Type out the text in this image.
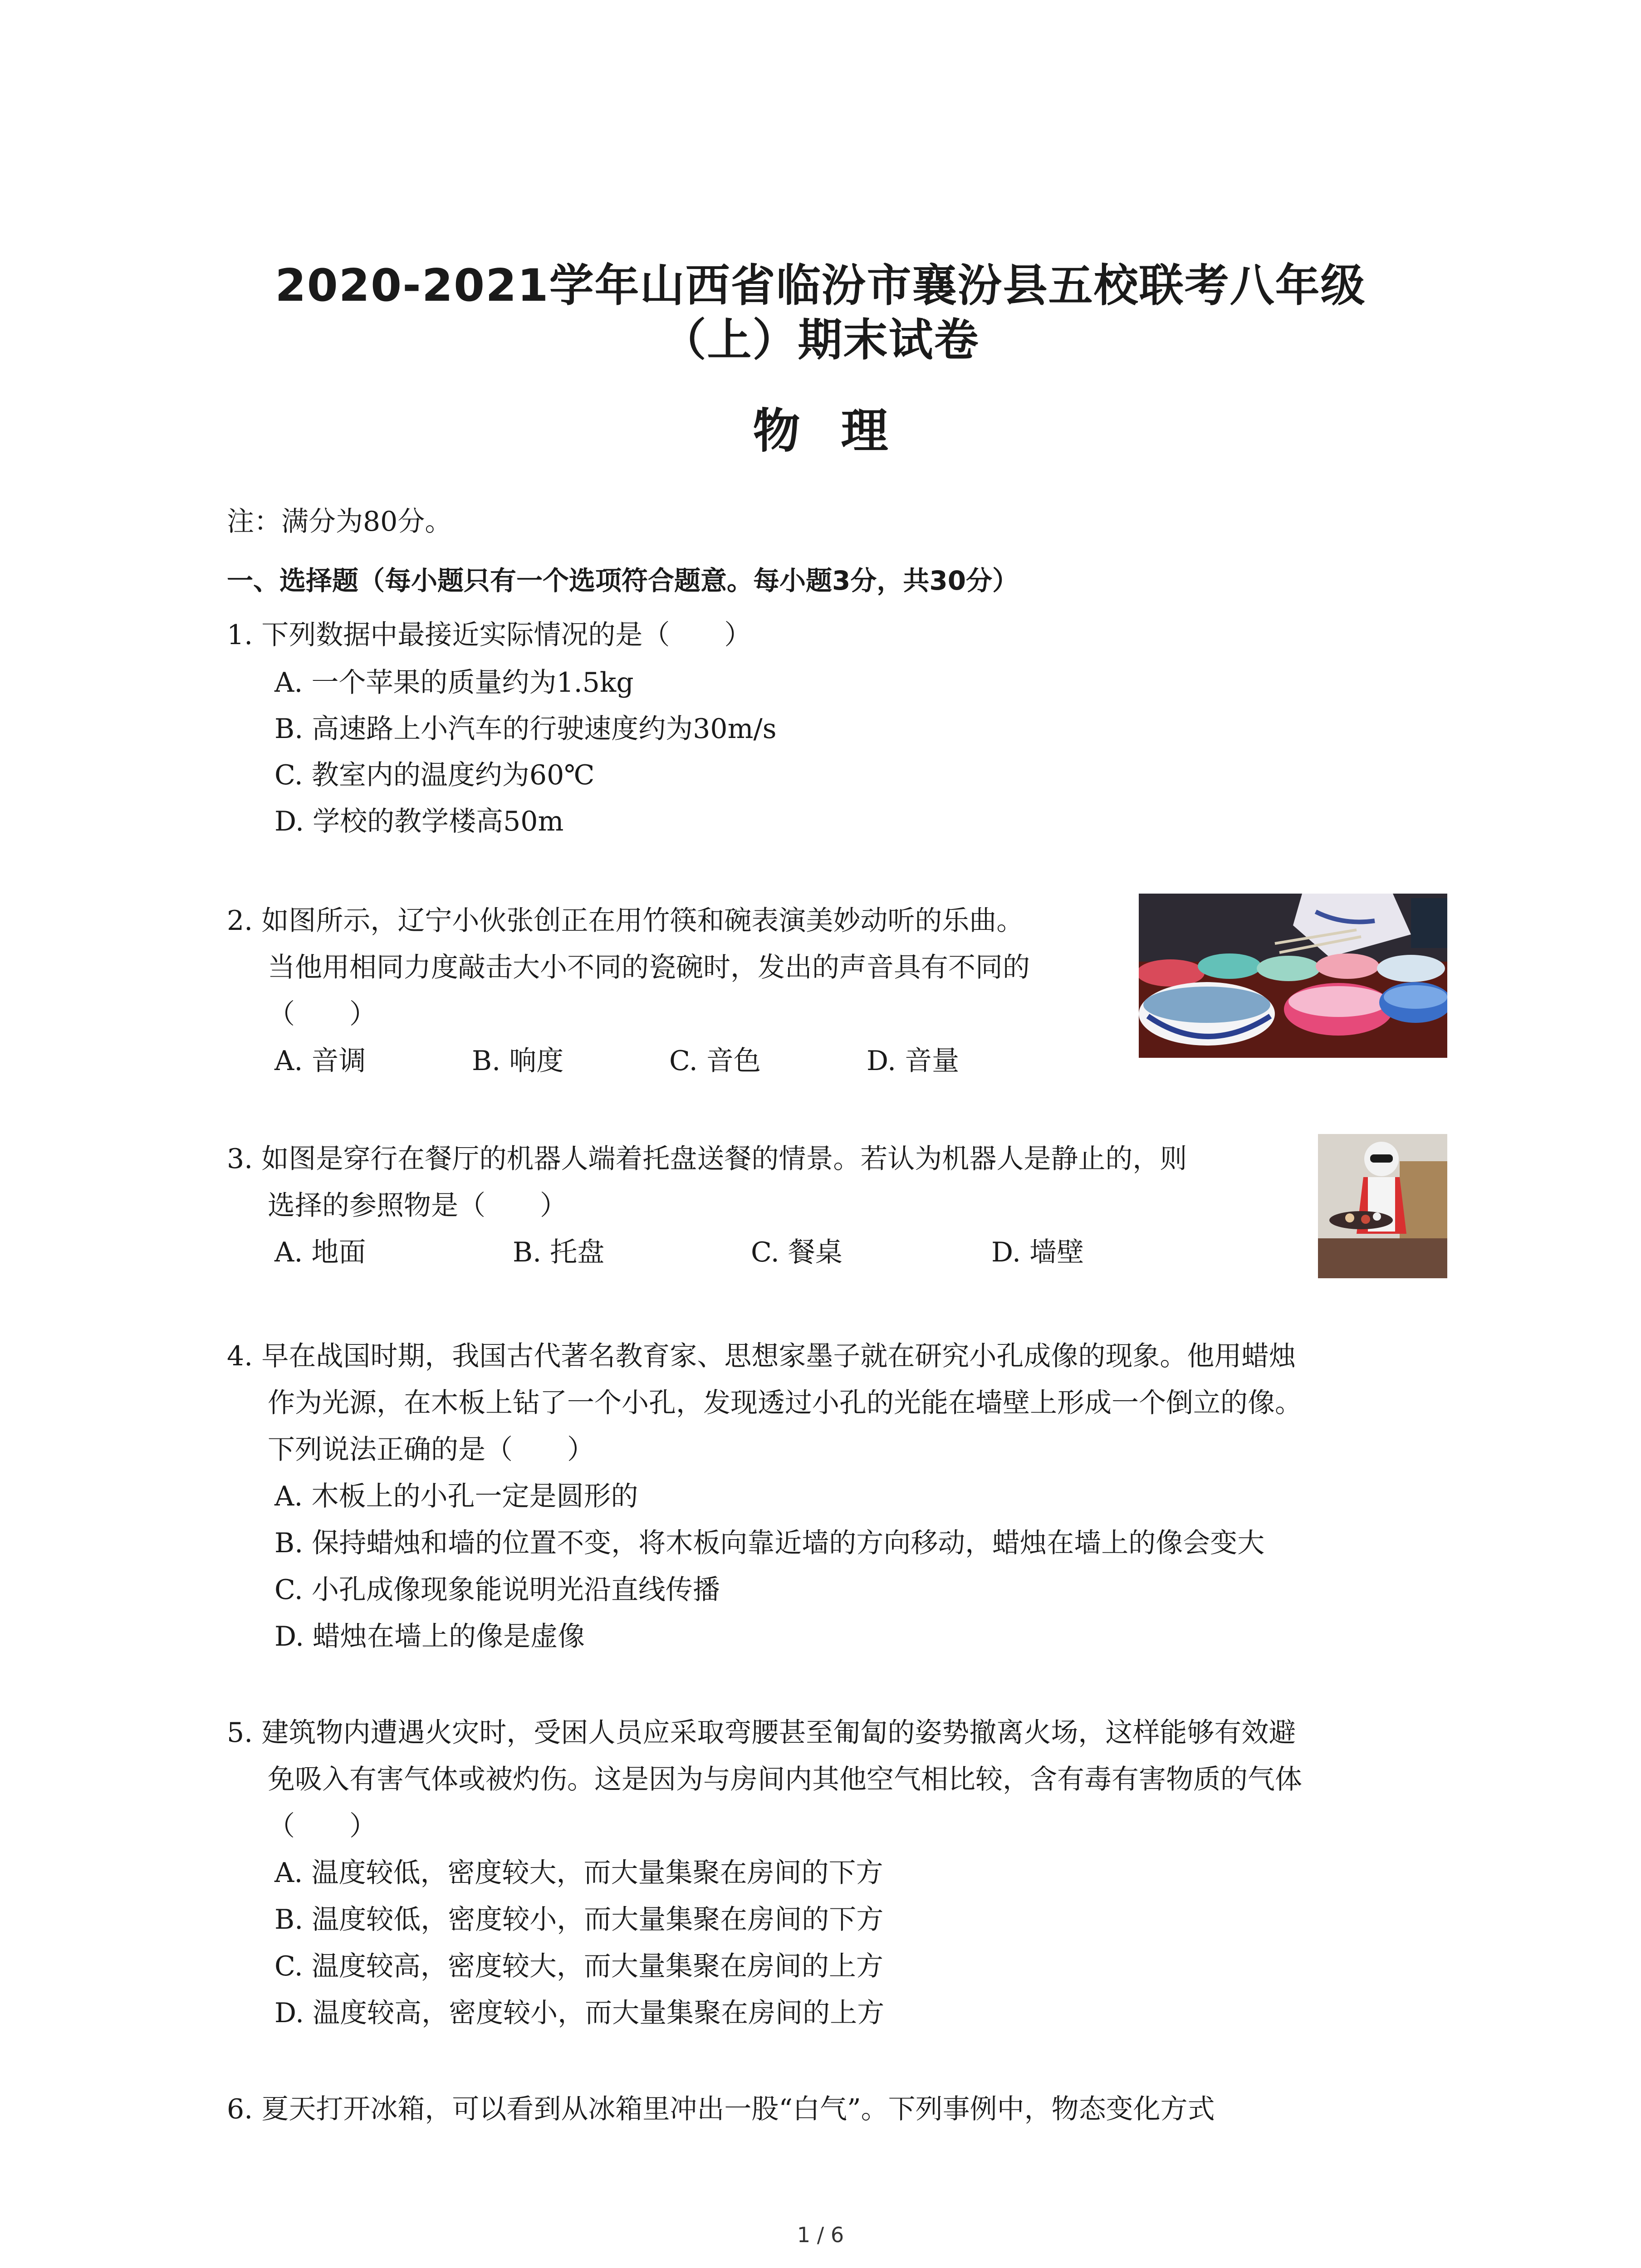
2020-2021学年山西省临汾市襄汾县五校联考八年级
（上）期末试卷
物理
注：满分为80分。
一、选择题（每小题只有一个选项符合题意。每小题3分，共30分）
1. 下列数据中最接近实际情况的是（　　）
A. 一个苹果的质量约为1.5kg
B. 高速路上小汽车的行驶速度约为30m/s
C. 教室内的温度约为60℃
D. 学校的教学楼高50m
2. 如图所示，辽宁小伙张创正在用竹筷和碗表演美妙动听的乐曲。
当他用相同力度敲击大小不同的瓷碗时，发出的声音具有不同的
（　　）
A. 音调	B. 响度	C. 音色	D. 音量
3. 如图是穿行在餐厅的机器人端着托盘送餐的情景。若认为机器人是静止的，则
选择的参照物是（　　）
A. 地面	B. 托盘	C. 餐桌	D. 墙壁
4. 早在战国时期，我国古代著名教育家、思想家墨子就在研究小孔成像的现象。他用蜡烛
作为光源，在木板上钻了一个小孔，发现透过小孔的光能在墙壁上形成一个倒立的像。
下列说法正确的是（　　）
A. 木板上的小孔一定是圆形的
B. 保持蜡烛和墙的位置不变，将木板向靠近墙的方向移动，蜡烛在墙上的像会变大
C. 小孔成像现象能说明光沿直线传播
D. 蜡烛在墙上的像是虚像
5. 建筑物内遭遇火灾时，受困人员应采取弯腰甚至匍匐的姿势撤离火场，这样能够有效避
免吸入有害气体或被灼伤。这是因为与房间内其他空气相比较，含有毒有害物质的气体
（　　）
A. 温度较低，密度较大，而大量集聚在房间的下方
B. 温度较低，密度较小，而大量集聚在房间的下方
C. 温度较高，密度较大，而大量集聚在房间的上方
D. 温度较高，密度较小，而大量集聚在房间的上方
6. 夏天打开冰箱，可以看到从冰箱里冲出一股“白气”。下列事例中，物态变化方式
1 / 6
